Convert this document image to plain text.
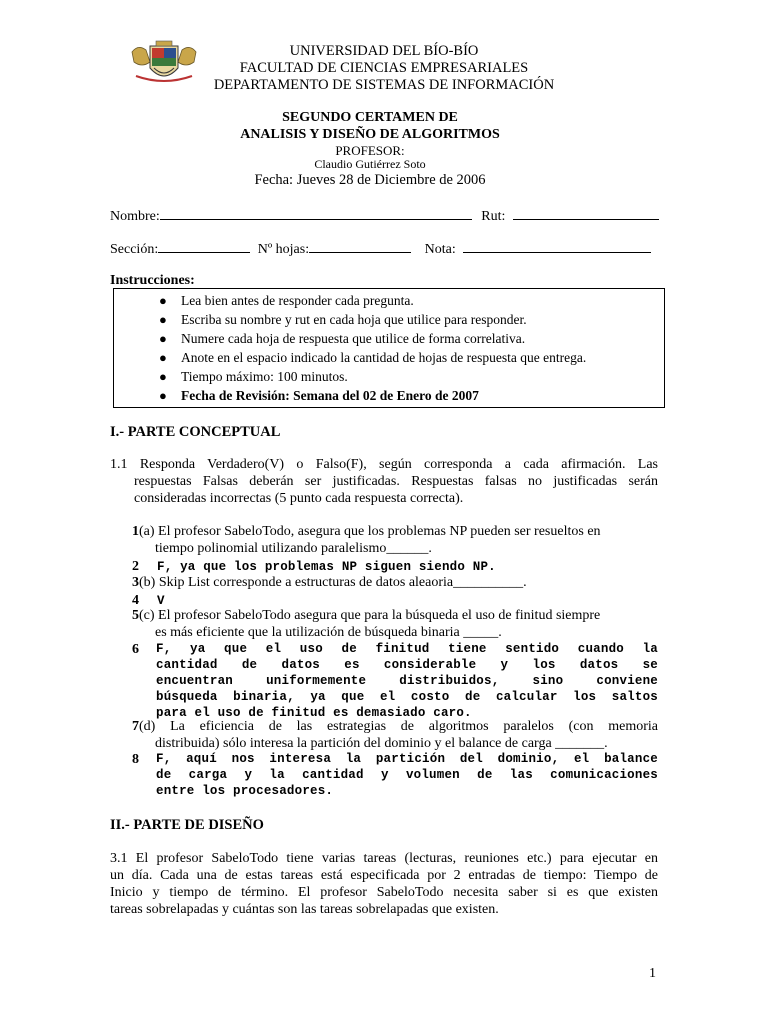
UNIVERSIDAD DEL BÍO-BÍO
FACULTAD DE CIENCIAS EMPRESARIALES
DEPARTAMENTO DE SISTEMAS DE INFORMACIÓN
SEGUNDO CERTAMEN DE
ANALISIS Y DISEÑO DE ALGORITMOS
PROFESOR:
Claudio Gutiérrez Soto
Fecha: Jueves 28 de Diciembre de 2006
Nombre:	Rut:
Sección:	Nº hojas:	Nota:
Instrucciones:
● Lea bien antes de responder cada pregunta.
● Escriba su nombre y rut en cada hoja que utilice para responder.
● Numere cada hoja de respuesta que utilice de forma correlativa.
● Anote en el espacio indicado la cantidad de hojas de respuesta que entrega.
● Tiempo máximo: 100 minutos.
● Fecha de Revisión: Semana del 02 de Enero de 2007
I.- PARTE CONCEPTUAL
1.1 Responda Verdadero(V) o Falso(F), según corresponda a cada afirmación. Las
respuestas Falsas deberán ser justificadas. Respuestas falsas no justificadas serán
consideradas incorrectas (5 punto cada respuesta correcta).
1(a) El profesor SabeloTodo, asegura que los problemas NP pueden ser resueltos en
tiempo polinomial utilizando paralelismo______.
2 F, ya que los problemas NP siguen siendo NP.
3(b) Skip List corresponde a estructuras de datos aleaoria__________.
4 V
5(c) El profesor SabeloTodo asegura que para la búsqueda el uso de finitud siempre
es más eficiente que la utilización de búsqueda binaria _____.
6 F, ya que el uso de finitud tiene sentido cuando la
cantidad de datos es considerable y los datos se
encuentran uniformemente distribuidos, sino conviene
búsqueda binaria, ya que el costo de calcular los saltos
para el uso de finitud es demasiado caro.
7(d) La eficiencia de las estrategias de algoritmos paralelos (con memoria
distribuida) sólo interesa la partición del dominio y el balance de carga _______.
8 F, aquí nos interesa la partición del dominio, el balance
de carga y la cantidad y volumen de las comunicaciones
entre los procesadores.
II.- PARTE DE DISEÑO
3.1 El profesor SabeloTodo tiene varias tareas (lecturas, reuniones etc.) para ejecutar en
un día. Cada una de estas tareas está especificada por 2 entradas de tiempo: Tiempo de
Inicio y tiempo de término. El profesor SabeloTodo necesita saber si es que existen
tareas sobrelapadas y cuántas son las tareas sobrelapadas que existen.
1
